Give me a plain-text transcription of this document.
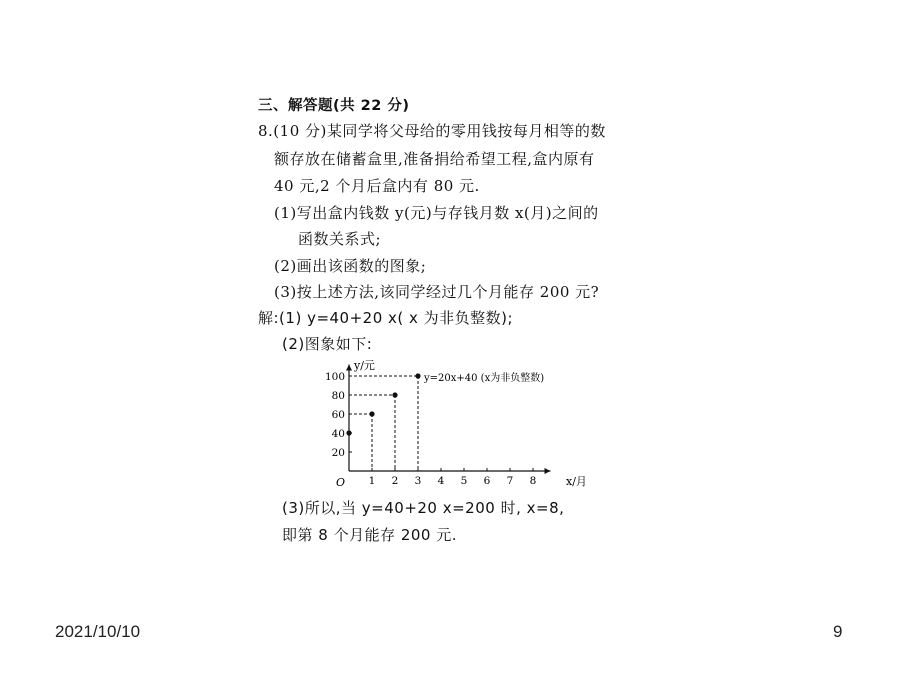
三、解答题(共 22 分)
8.(10 分)某同学将父母给的零用钱按每月相等的数
额存放在储蓄盒里,准备捐给希望工程,盒内原有
40 元,2 个月后盒内有 80 元.
(1)写出盒内钱数 y(元)与存钱月数 x(月)之间的
函数关系式;
(2)画出该函数的图象;
(3)按上述方法,该同学经过几个月能存 200 元?
解:(1) y=40+20 x( x 为非负整数);
(2)图象如下:
1 2 3 4 5 6 7 8
20
40
60
80
100
y/元
x/月
O
y=20x+40 (x为非负整数)
(3)所以,当 y=40+20 x=200 时, x=8,
即第 8 个月能存 200 元.
2021/10/10	9
